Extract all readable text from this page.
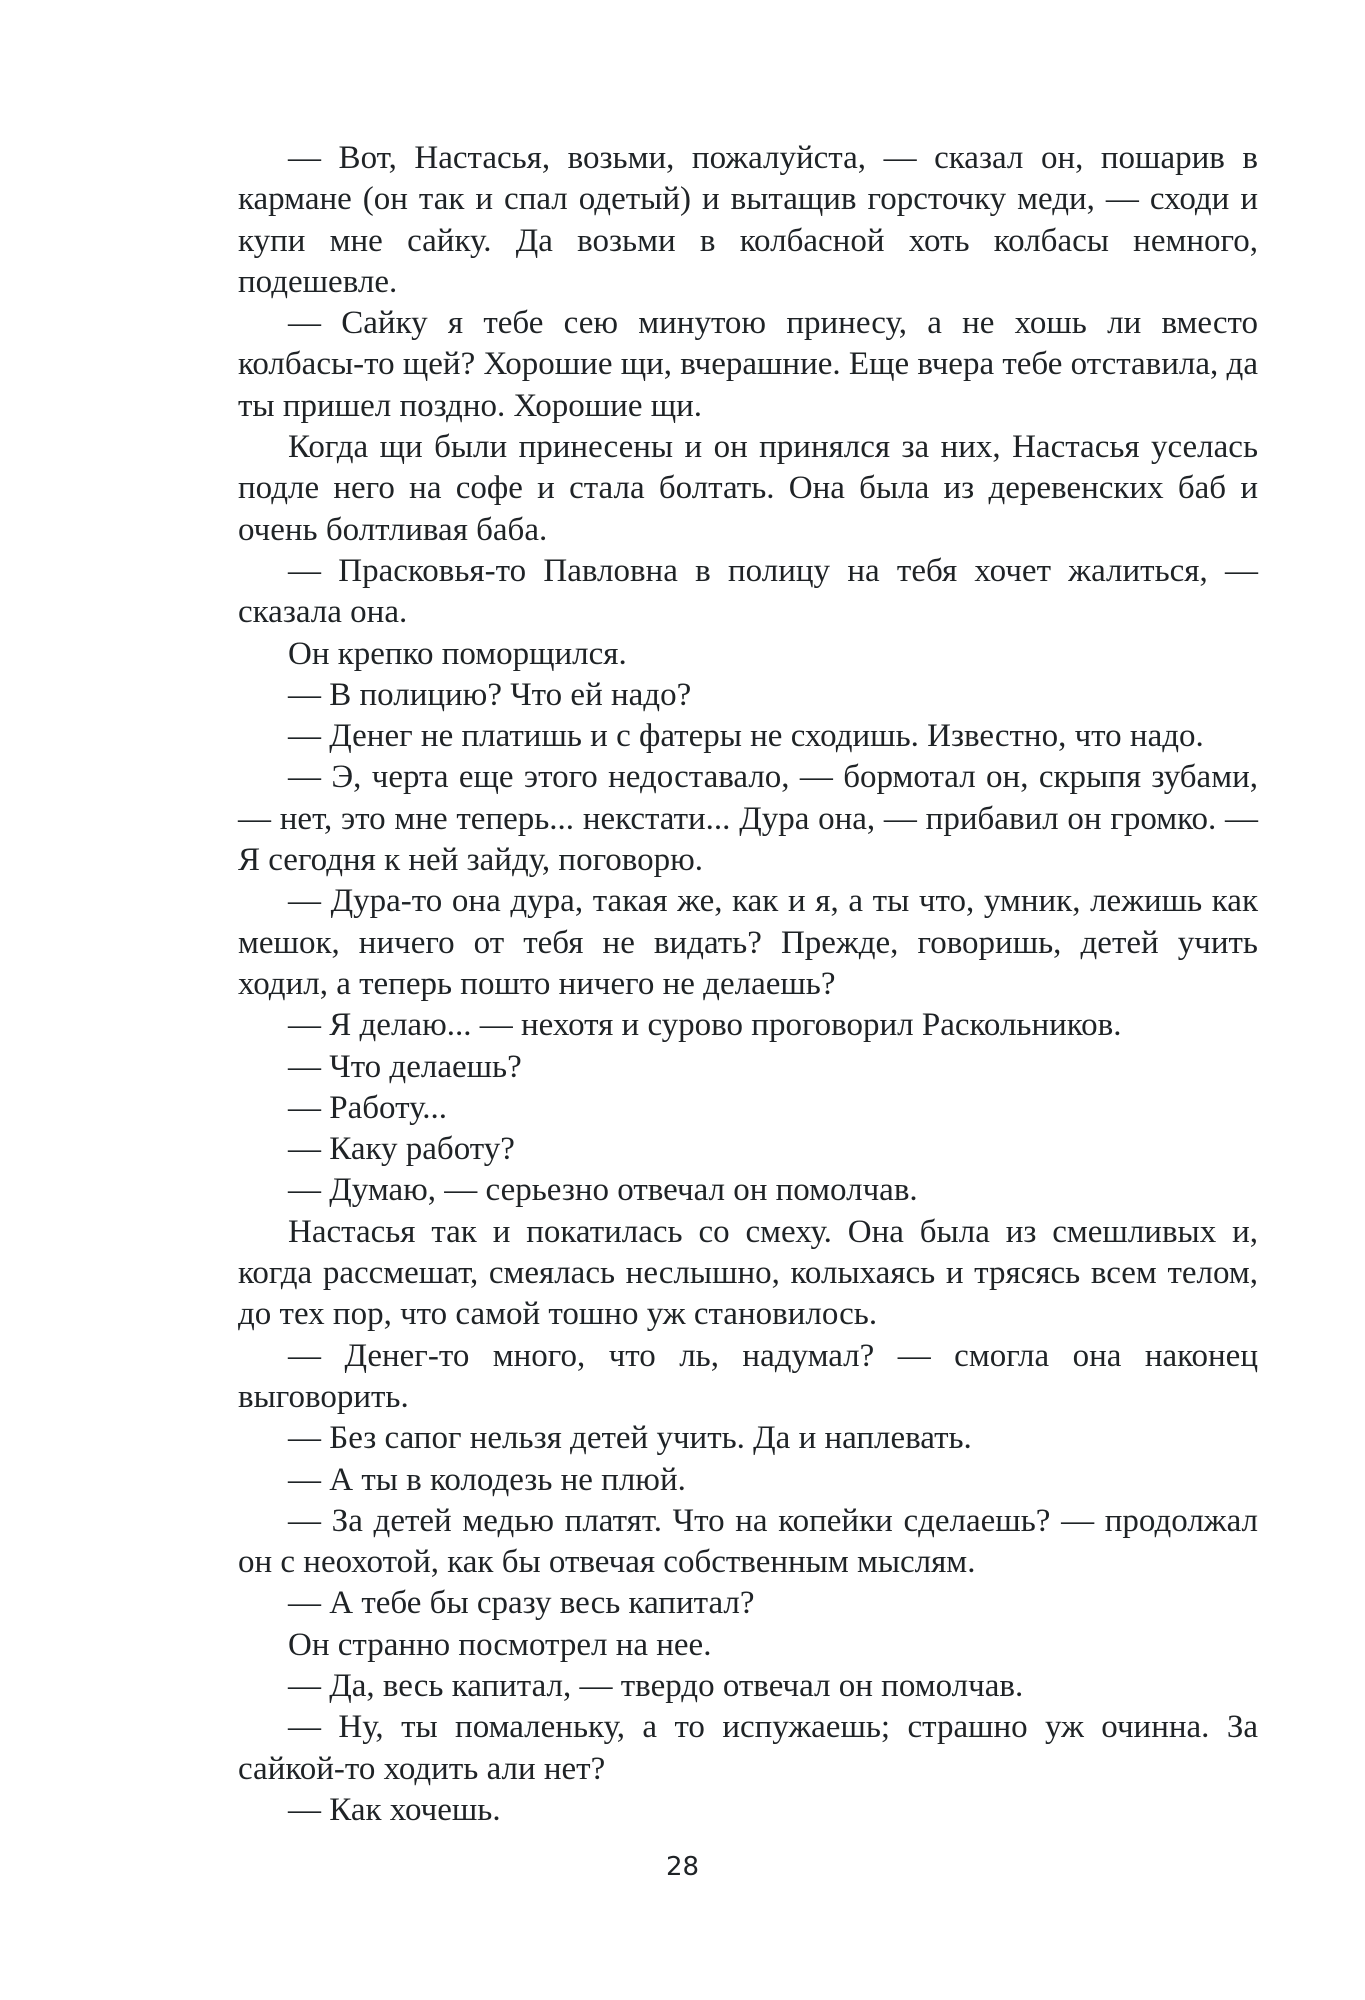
— Вот, Настасья, возьми, пожалуйста, — сказал он, пошарив в кармане (он так и спал одетый) и вытащив горсточку меди, — сходи и купи мне сайку. Да возьми в колбасной хоть колбасы немного, подешевле.

— Сайку я тебе сею минутою принесу, а не хошь ли вместо колбасы-то щей? Хорошие щи, вчерашние. Еще вчера тебе отставила, да ты пришел поздно. Хорошие щи.

Когда щи были принесены и он принялся за них, Настасья уселась подле него на софе и стала болтать. Она была из деревенских баб и очень болтливая баба.

— Прасковья-то Павловна в полицу на тебя хочет жалиться, — сказала она.

Он крепко поморщился.

— В полицию? Что ей надо?

— Денег не платишь и с фатеры не сходишь. Известно, что надо.

— Э, черта еще этого недоставало, — бормотал он, скрыпя зубами, — нет, это мне теперь... некстати... Дура она, — прибавил он громко. — Я сегодня к ней зайду, поговорю.

— Дура-то она дура, такая же, как и я, а ты что, умник, лежишь как мешок, ничего от тебя не видать? Прежде, говоришь, детей учить ходил, а теперь пошто ничего не делаешь?

— Я делаю... — нехотя и сурово проговорил Раскольников.

— Что делаешь?

— Работу...

— Каку работу?

— Думаю, — серьезно отвечал он помолчав.

Настасья так и покатилась со смеху. Она была из смешливых и, когда рассмешат, смеялась неслышно, колыхаясь и трясясь всем телом, до тех пор, что самой тошно уж становилось.

— Денег-то много, что ль, надумал? — смогла она наконец выговорить.

— Без сапог нельзя детей учить. Да и наплевать.

— А ты в колодезь не плюй.

— За детей медью платят. Что на копейки сделаешь? — продолжал он с неохотой, как бы отвечая собственным мыслям.

— А тебе бы сразу весь капитал?

Он странно посмотрел на нее.

— Да, весь капитал, — твердо отвечал он помолчав.

— Ну, ты помаленьку, а то испужаешь; страшно уж очинна. За сайкой-то ходить али нет?

— Как хочешь.

28
